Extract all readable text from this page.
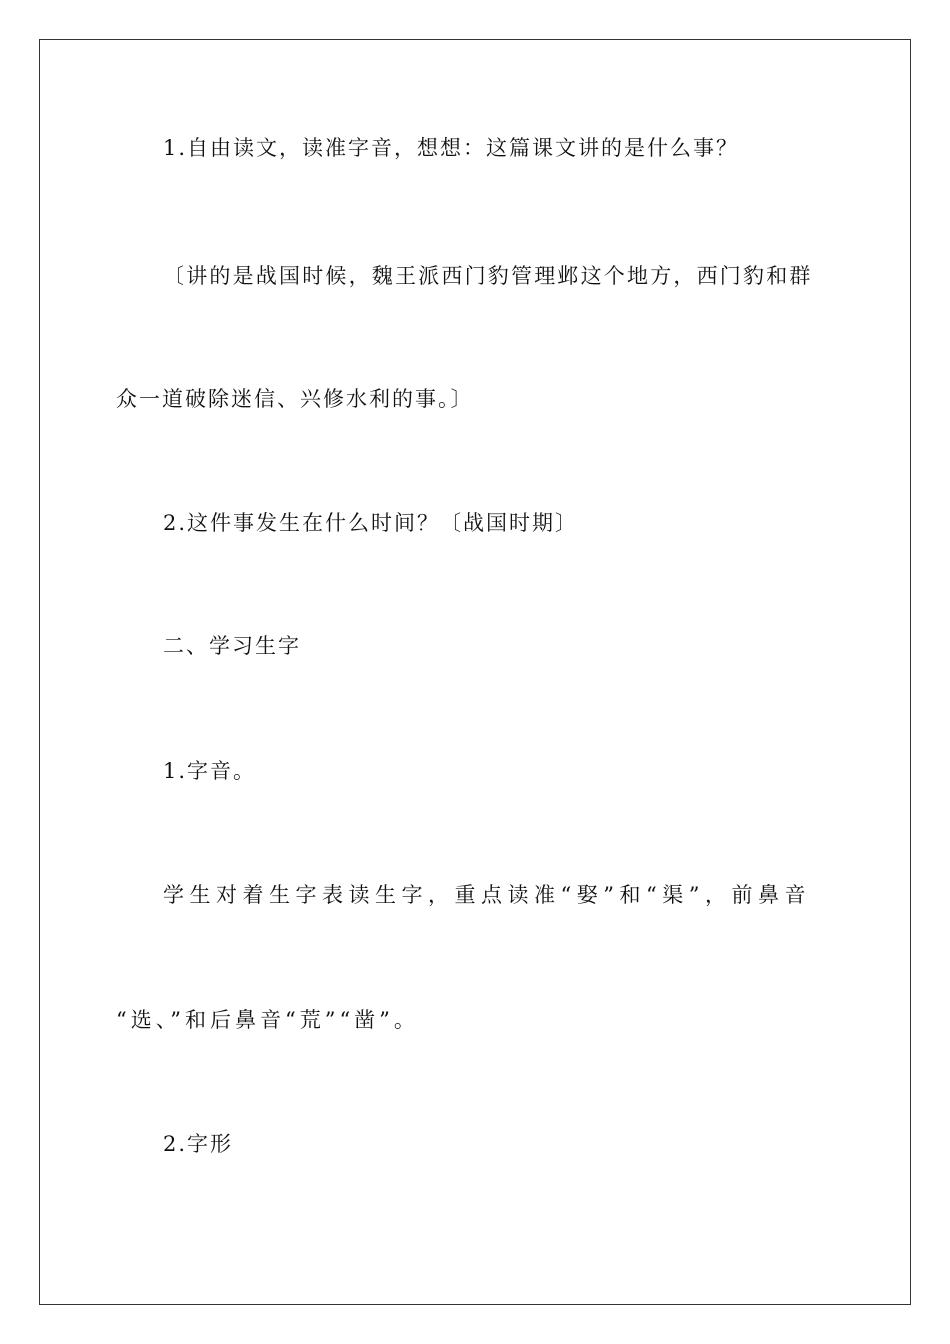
1.自由读文，读准字音，想想：这篇课文讲的是什么事？
〔讲的是战国时候，魏王派西门豹管理邺这个地方，西门豹和群
众一道破除迷信、兴修水利的事。〕
2.这件事发生在什么时间？〔战国时期〕
二、学习生字
1.字音。
学生对着生字表读生字，重点读准“娶”和“渠”，前鼻音
“选、”和后鼻音“荒”“凿”。
2.字形
